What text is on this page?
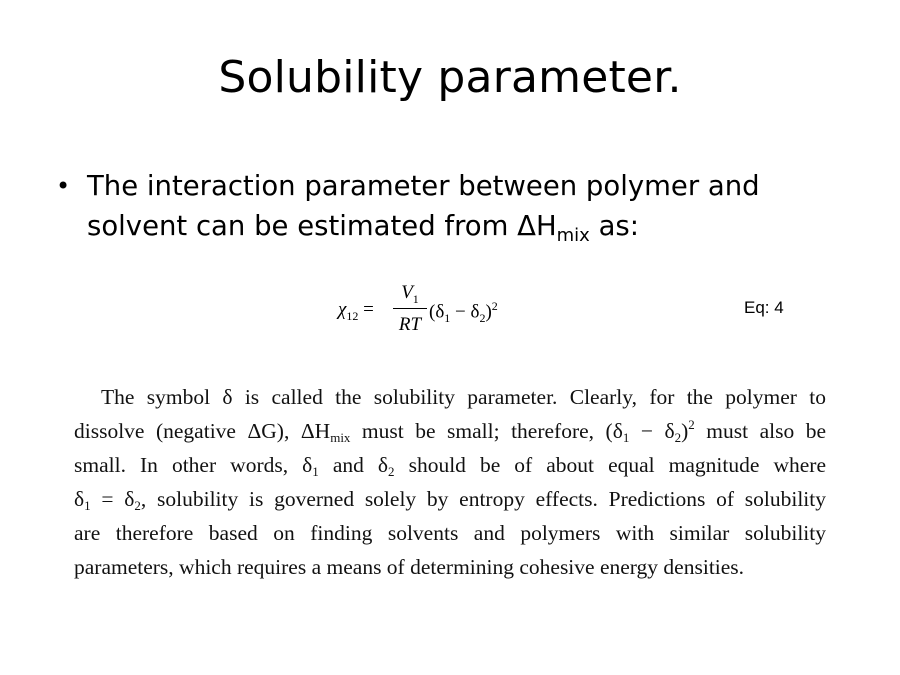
Solubility parameter.
• The interaction parameter between polymer and solvent can be estimated from $\Delta H_{mix}$ as:
$\chi_{12}$ =
$V_1$
RT
$(\delta_1 - \delta_2)^2$	Eq: 4
The symbol δ is called the solubility parameter. Clearly, for the polymer to
dissolve (negative ΔG), $\Delta H_{mix}$ must be small; therefore, $(\delta_1 - \delta_2)^2$ must also be
small. In other words, $\delta_1$ and $\delta_2$ should be of about equal magnitude where
$\delta_1 = \delta_2$, solubility is governed solely by entropy effects. Predictions of solubility
are therefore based on finding solvents and polymers with similar solubility
parameters, which requires a means of determining cohesive energy densities.
